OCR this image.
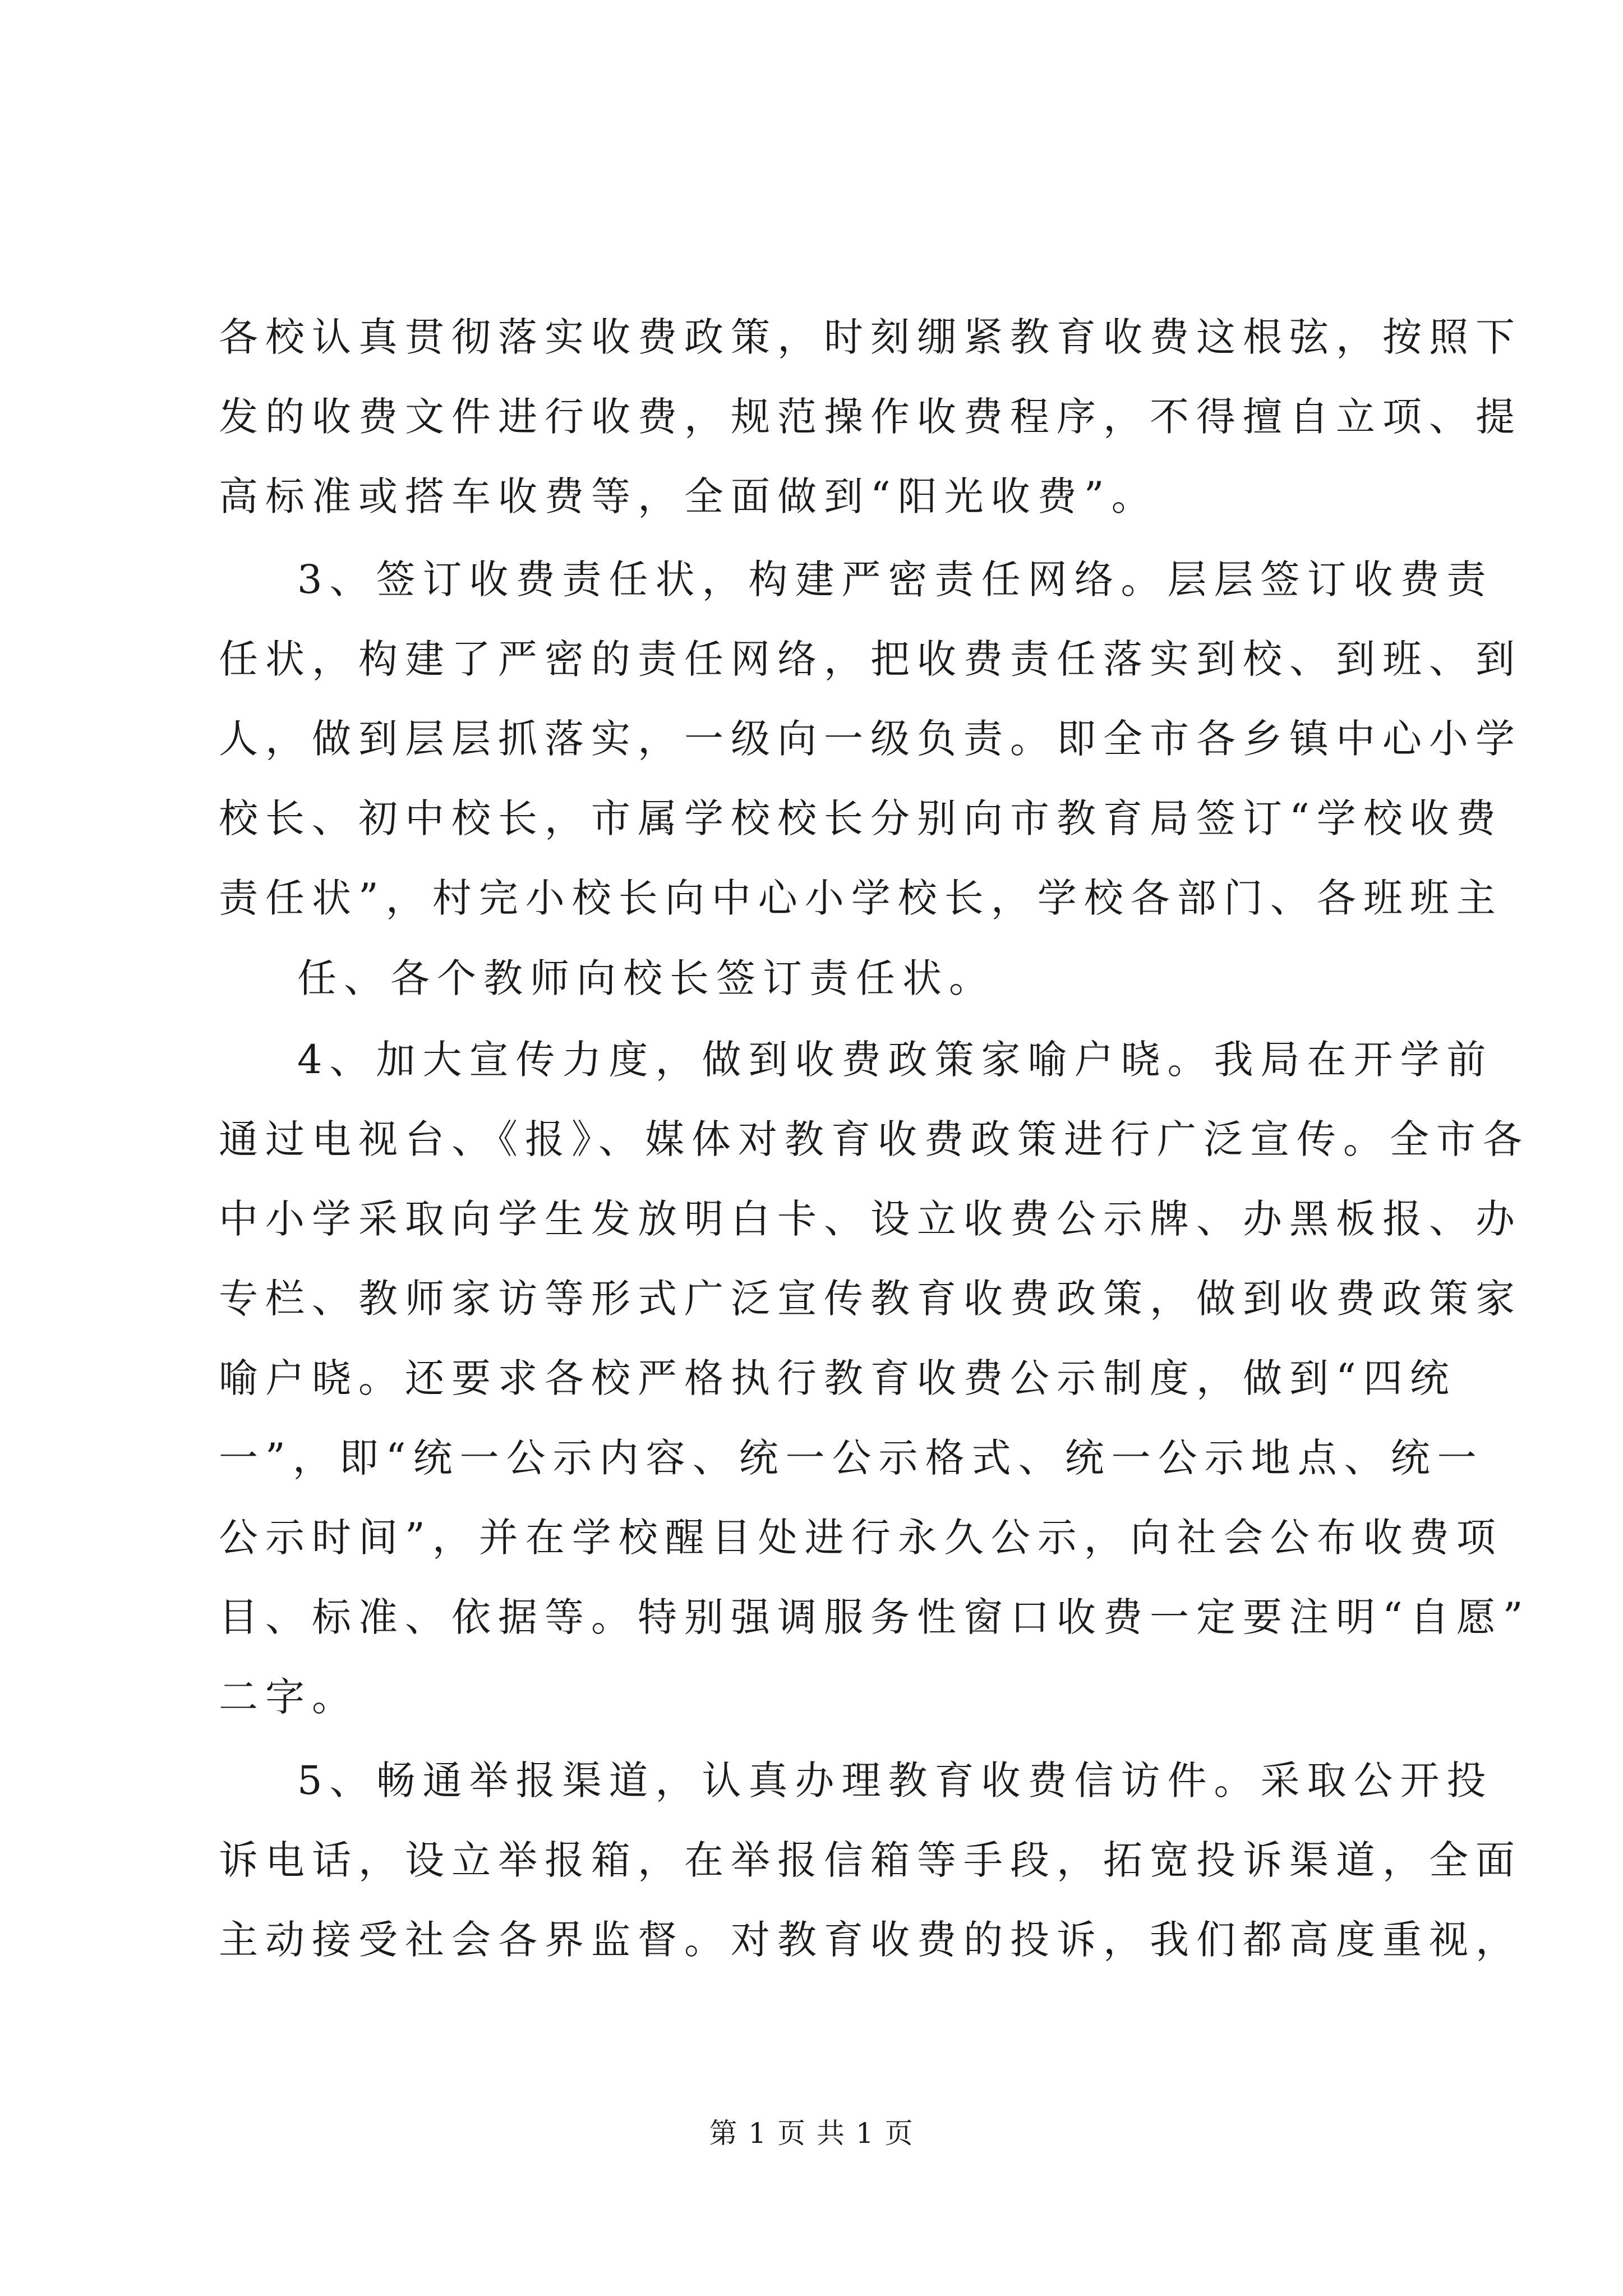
各校认真贯彻落实收费政策，时刻绷紧教育收费这根弦，按照下
发的收费文件进行收费，规范操作收费程序，不得擅自立项、提
高标准或搭车收费等，全面做到“阳光收费”。
3、签订收费责任状，构建严密责任网络。层层签订收费责
任状，构建了严密的责任网络，把收费责任落实到校、到班、到
人，做到层层抓落实，一级向一级负责。即全市各乡镇中心小学
校长、初中校长，市属学校校长分别向市教育局签订“学校收费
责任状”，村完小校长向中心小学校长，学校各部门、各班班主
任、各个教师向校长签订责任状。
4、加大宣传力度，做到收费政策家喻户晓。我局在开学前
通过电视台、《报》、媒体对教育收费政策进行广泛宣传。全市各
中小学采取向学生发放明白卡、设立收费公示牌、办黑板报、办
专栏、教师家访等形式广泛宣传教育收费政策，做到收费政策家
喻户晓。还要求各校严格执行教育收费公示制度，做到“四统
一”，即“统一公示内容、统一公示格式、统一公示地点、统一
公示时间”，并在学校醒目处进行永久公示，向社会公布收费项
目、标准、依据等。特别强调服务性窗口收费一定要注明“自愿”
二字。
5、畅通举报渠道，认真办理教育收费信访件。采取公开投
诉电话，设立举报箱，在举报信箱等手段，拓宽投诉渠道，全面
主动接受社会各界监督。对教育收费的投诉，我们都高度重视，
第 1 页 共 1 页
